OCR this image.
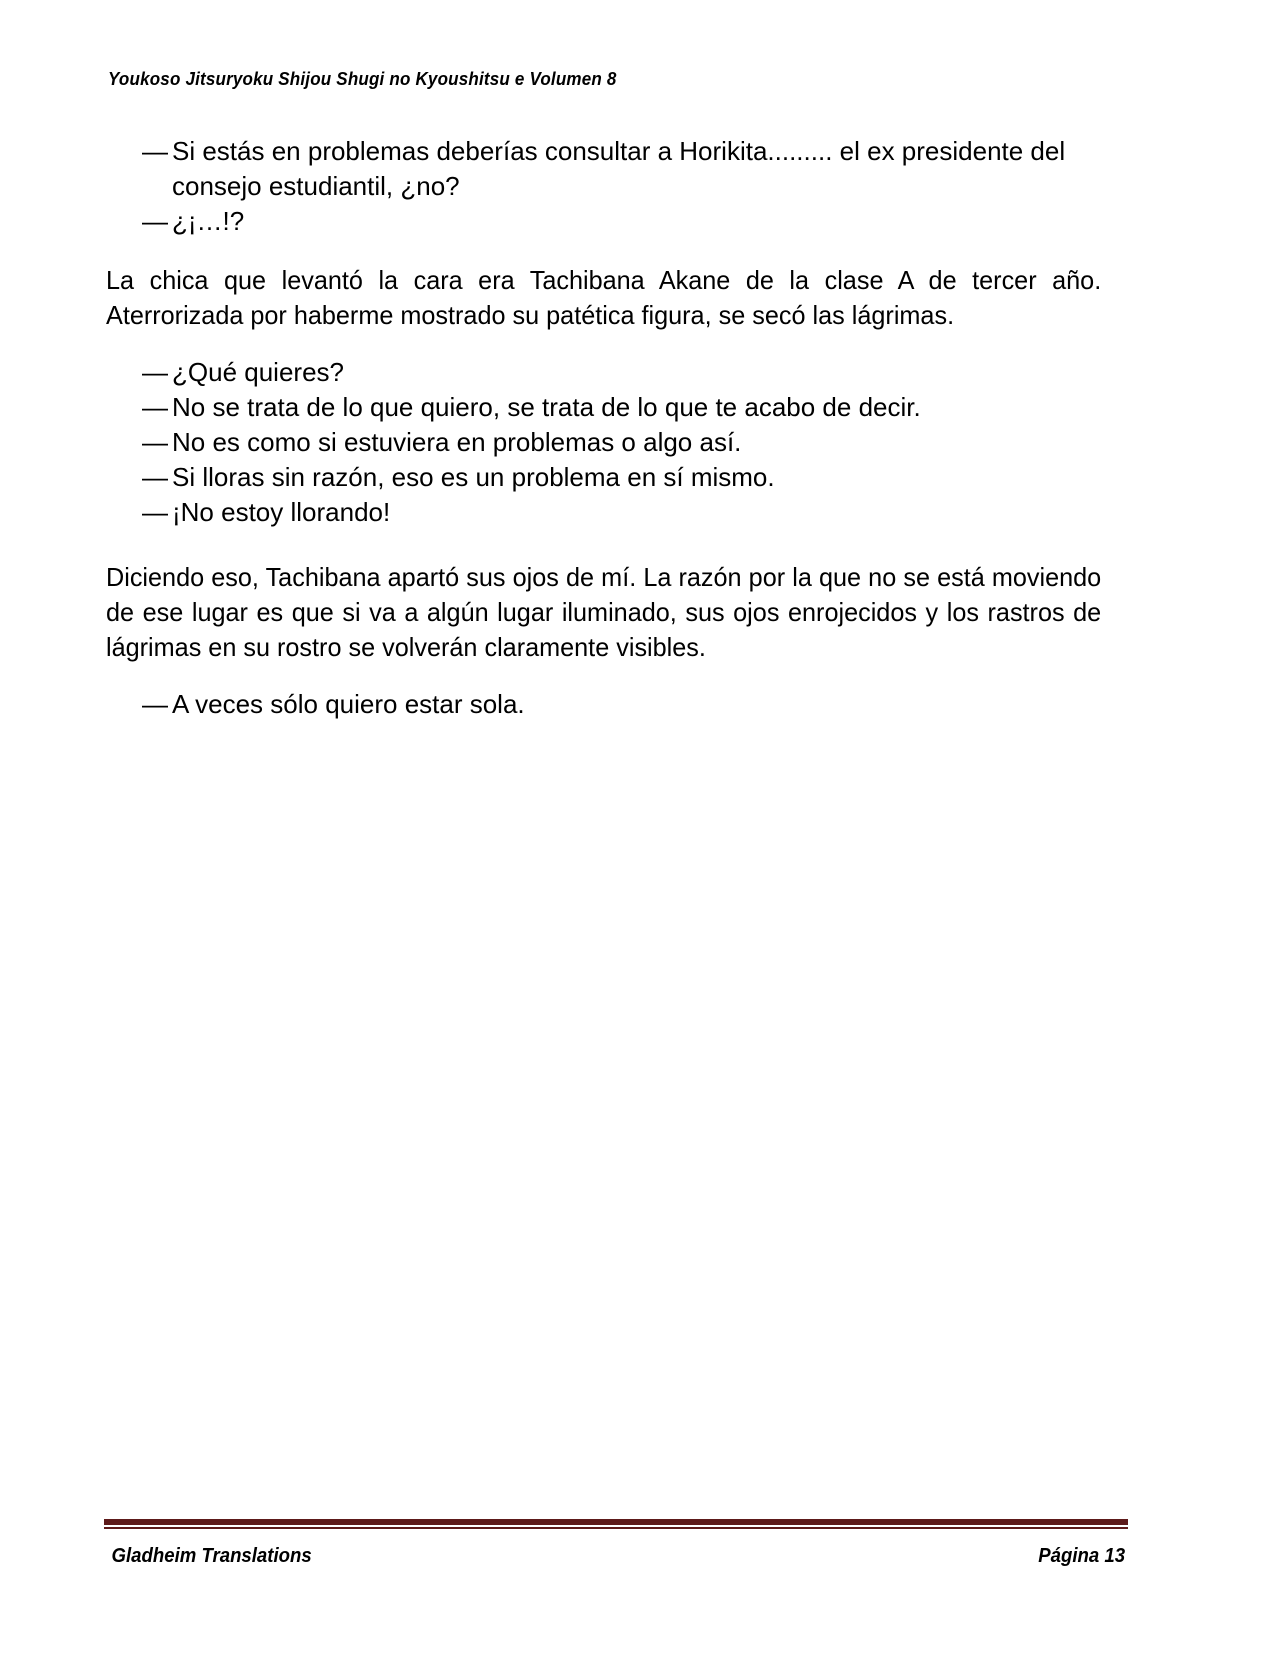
Youkoso Jitsuryoku Shijou Shugi no Kyoushitsu e Volumen 8
— Si estás en problemas deberías consultar a Horikita......... el ex presidente del consejo estudiantil, ¿no?
— ¿¡…!?

La chica que levantó la cara era Tachibana Akane de la clase A de tercer año. Aterrorizada por haberme mostrado su patética figura, se secó las lágrimas.

— ¿Qué quieres?
— No se trata de lo que quiero, se trata de lo que te acabo de decir.
— No es como si estuviera en problemas o algo así.
— Si lloras sin razón, eso es un problema en sí mismo.
— ¡No estoy llorando!

Diciendo eso, Tachibana apartó sus ojos de mí. La razón por la que no se está moviendo de ese lugar es que si va a algún lugar iluminado, sus ojos enrojecidos y los rastros de lágrimas en su rostro se volverán claramente visibles.

— A veces sólo quiero estar sola.
Gladheim Translations	Página 13
